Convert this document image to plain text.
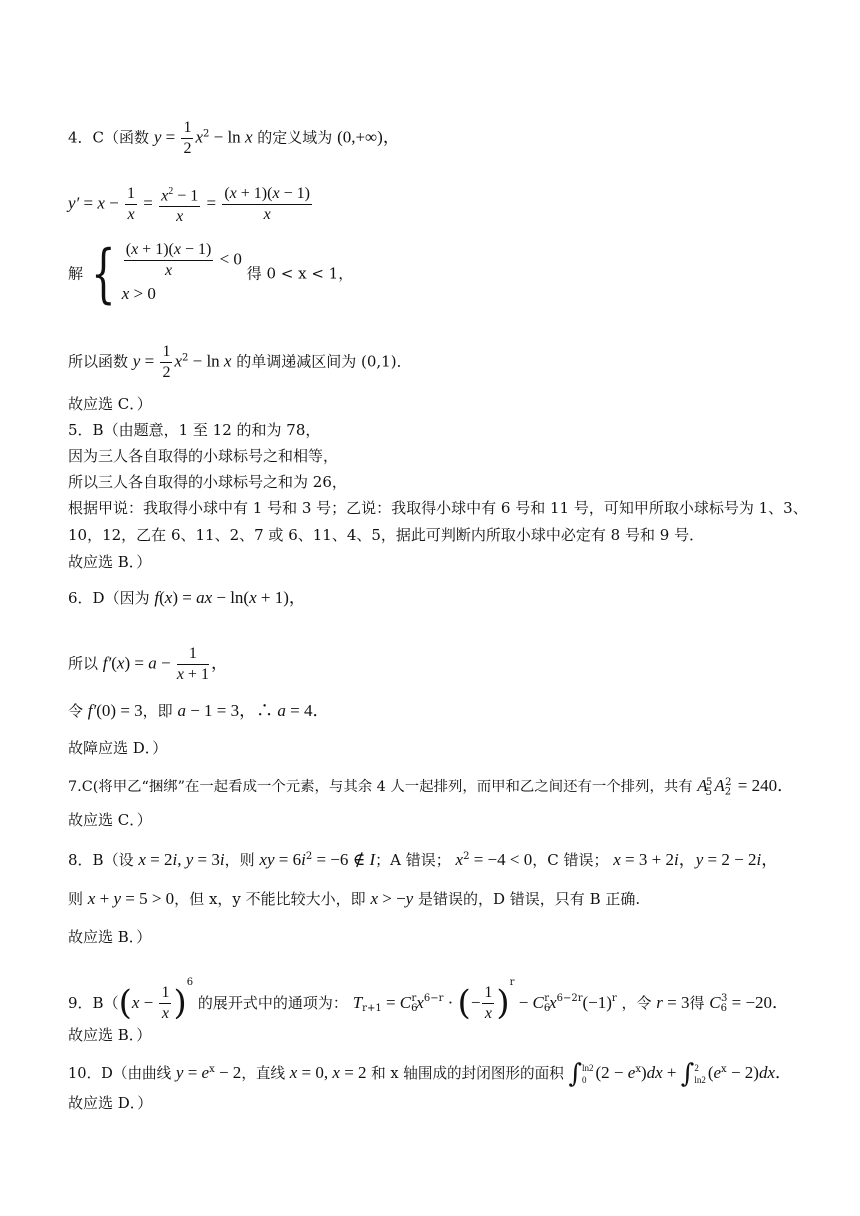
4．C（函数 $y = \frac{1}{2} x^2 - \ln x$ 的定义域为 (0,+∞)，
$y' = x - \frac{1}{x} = \frac{x^2 - 1}{x} = \frac{(x + 1)(x - 1)}{x}$
解 { $\frac{(x + 1)(x - 1)}{x} < 0$
x > 0
得 0 < x < 1，
所以函数 $y = \frac{1}{2} x^2 - \ln x$ 的单调递减区间为 (0,1)．
故应选 C．）
5．B（由题意，1 至 12 的和为 78，
因为三人各自取得的小球标号之和相等，
所以三人各自取得的小球标号之和为 26，
根据甲说：我取得小球中有 1 号和 3 号；乙说：我取得小球中有 6 号和 11 号，可知甲所取小球标号为 1、3、
10，12，乙在 6、11、2、7 或 6、11、4、5，据此可判断内所取小球中必定有 8 号和 9 号．
故应选 B．）
6．D（因为 f(x) = ax − ln(x + 1)，
所以 $f'(x) = a - \frac{1}{x + 1}$ ，
令 f′(0) = 3，即 a − 1 = 3，∴ a = 4．
故障应选 D．）
7.C(将甲乙“捆绑”在一起看成一个元素，与其余 4 人一起排列，而甲和乙之间还有一个排列，共有 $A_5^5$ $A_2^2 = 240$．
故应选 C．）
8．B（设 x = 2i, y = 3i，则 xy = $6i^2 = -6$ ∉ I；A 错误； $x^2 = -4 < 0$，C 错误； x = 3 + 2i，y = 2 − 2i，
则 x + y = 5 > 0，但 x，y 不能比较大小，即 x > −y 是错误的，D 错误，只有 B 正确.
故应选 B．）
9．$B((x - \frac{1}{x} )^6$ 的展开式中的通项为： $T_{r+1} = C_6^rx^{6-r}$ · (− $\frac{1}{x} )^r - C_6^rx^{6-2r}(-1)^r$ ，令 r = 3得 $C_6^3 = -20$．
故应选 B．）
10．D（由曲线 $y = e^x - 2$，直线 x = 0, x = 2 和 x 轴围成的封闭图形的面积 ∫ ln2
0 $(2 - e^x)dx$ + ∫ 2
ln2 $(e^x - 2)dx$．
故应选 D．）
